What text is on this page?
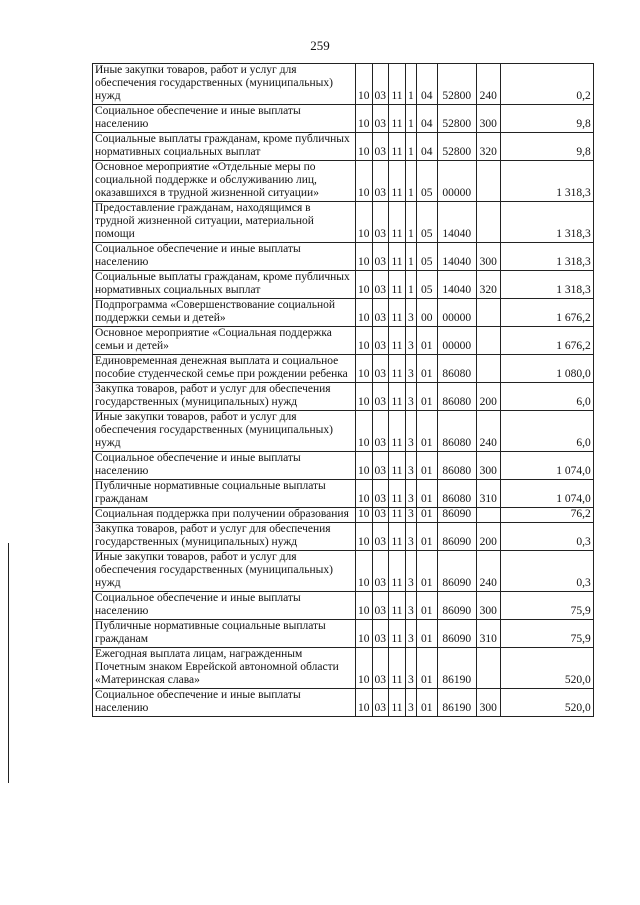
259
Иные закупки товаров, работ и услуг для обеспечения государственных (муниципальных) нужд	10	03	11	1	04	52800	240	0,2
Социальное обеспечение и иные выплаты населению	10	03	11	1	04	52800	300	9,8
Социальные выплаты гражданам, кроме публичных нормативных социальных выплат	10	03	11	1	04	52800	320	9,8
Основное мероприятие «Отдельные меры по социальной поддержке и обслуживанию лиц, оказавшихся в трудной жизненной ситуации»	10	03	11	1	05	00000		1 318,3
Предоставление гражданам, находящимся в трудной жизненной ситуации, материальной помощи	10	03	11	1	05	14040		1 318,3
Социальное обеспечение и иные выплаты населению	10	03	11	1	05	14040	300	1 318,3
Социальные выплаты гражданам, кроме публичных нормативных социальных выплат	10	03	11	1	05	14040	320	1 318,3
Подпрограмма «Совершенствование социальной поддержки семьи и детей»	10	03	11	3	00	00000		1 676,2
Основное мероприятие «Социальная поддержка семьи и детей»	10	03	11	3	01	00000		1 676,2
Единовременная денежная выплата и социальное пособие студенческой семье при рождении ребенка	10	03	11	3	01	86080		1 080,0
Закупка товаров, работ и услуг для обеспечения государственных (муниципальных) нужд	10	03	11	3	01	86080	200	6,0
Иные закупки товаров, работ и услуг для обеспечения государственных (муниципальных) нужд	10	03	11	3	01	86080	240	6,0
Социальное обеспечение и иные выплаты населению	10	03	11	3	01	86080	300	1 074,0
Публичные нормативные социальные выплаты гражданам	10	03	11	3	01	86080	310	1 074,0
Социальная поддержка при получении образования	10	03	11	3	01	86090		76,2
Закупка товаров, работ и услуг для обеспечения государственных (муниципальных) нужд	10	03	11	3	01	86090	200	0,3
Иные закупки товаров, работ и услуг для обеспечения государственных (муниципальных) нужд	10	03	11	3	01	86090	240	0,3
Социальное обеспечение и иные выплаты населению	10	03	11	3	01	86090	300	75,9
Публичные нормативные социальные выплаты гражданам	10	03	11	3	01	86090	310	75,9
Ежегодная выплата лицам, награжденным Почетным знаком Еврейской автономной области «Материнская слава»	10	03	11	3	01	86190		520,0
Социальное обеспечение и иные выплаты населению	10	03	11	3	01	86190	300	520,0
